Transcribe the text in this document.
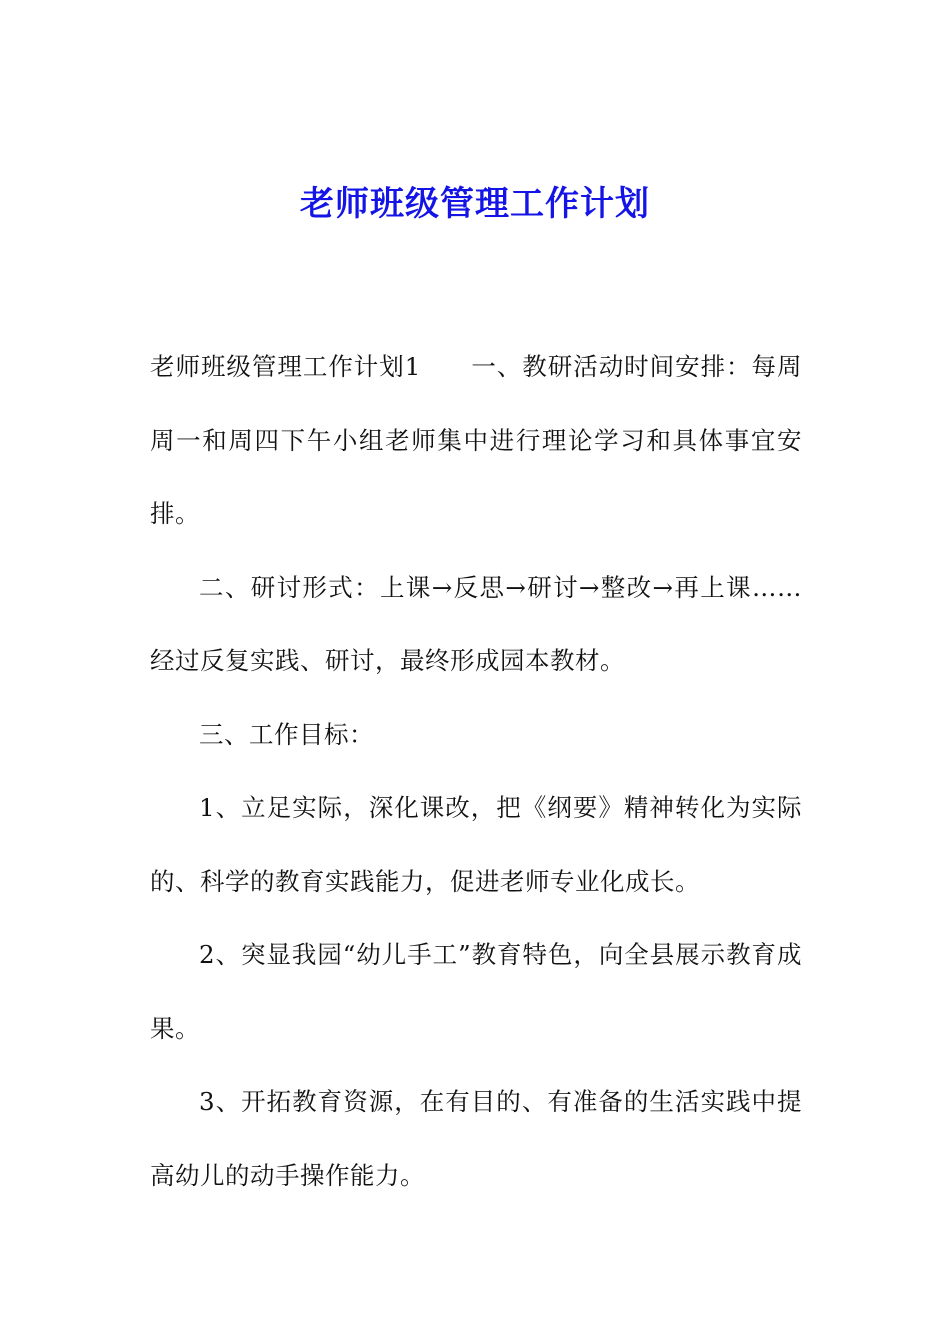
老师班级管理工作计划

老师班级管理工作计划1 一、教研活动时间安排：每周周一和周四下午小组老师集中进行理论学习和具体事宜安排。

二、研讨形式：上课→反思→研讨→整改→再上课……经过反复实践、研讨，最终形成园本教材。

三、工作目标：

1、立足实际，深化课改，把《纲要》精神转化为实际的、科学的教育实践能力，促进老师专业化成长。

2、突显我园“幼儿手工”教育特色，向全县展示教育成果。

3、开拓教育资源，在有目的、有准备的生活实践中提高幼儿的动手操作能力。
